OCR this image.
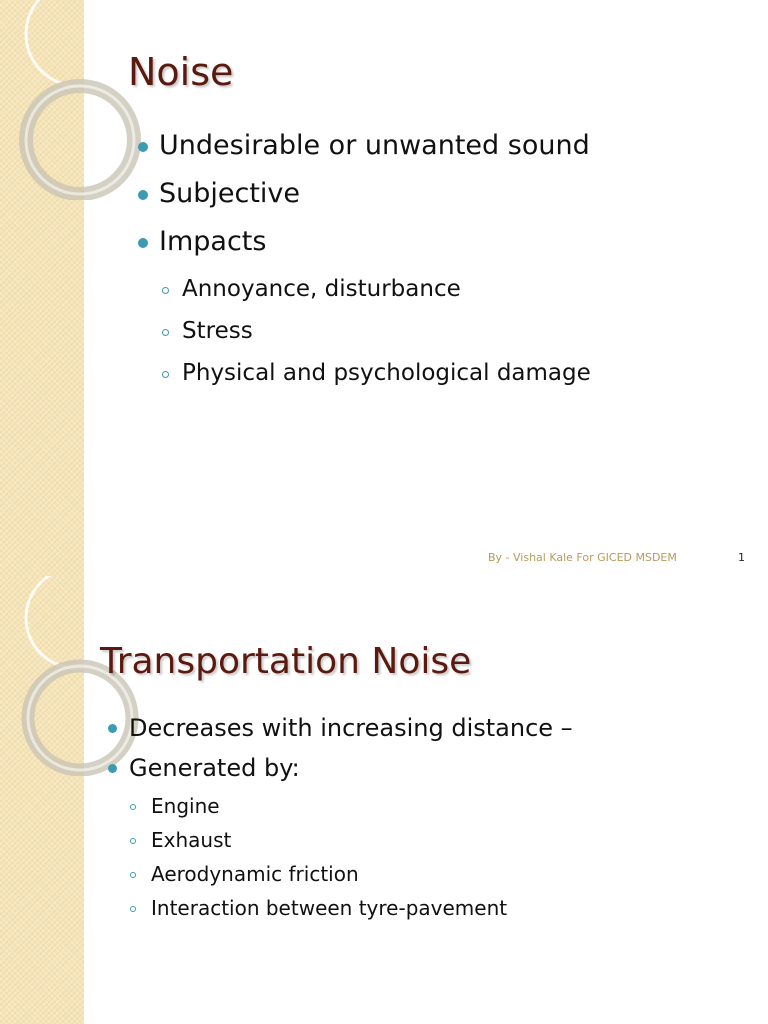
Noise
Undesirable or unwanted sound
Subjective
Impacts
Annoyance, disturbance
Stress
Physical and psychological damage
By - Vishal Kale For GICED MSDEM	1
Transportation Noise
Decreases with increasing distance –
Generated by:
Engine
Exhaust
Aerodynamic friction
Interaction between tyre-pavement
